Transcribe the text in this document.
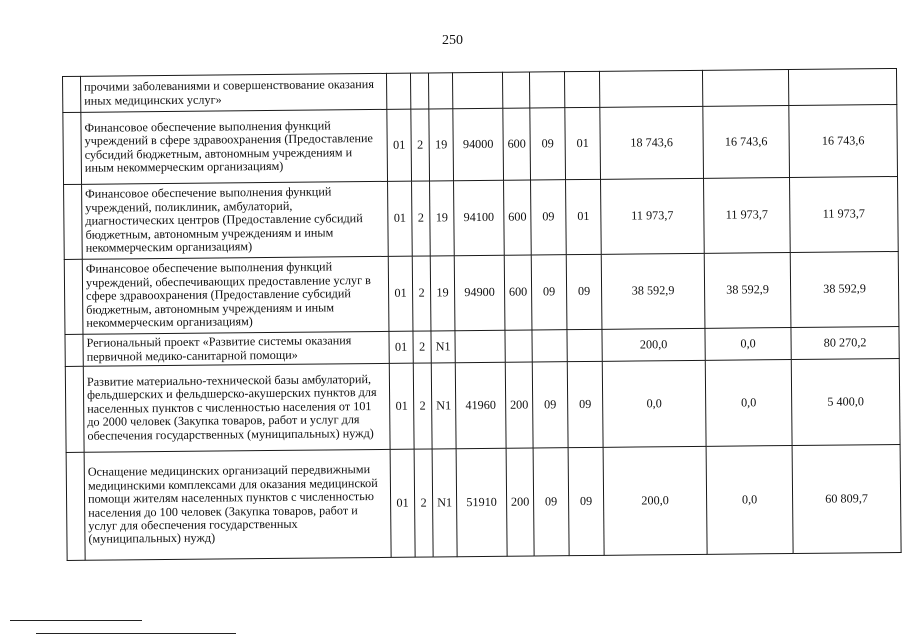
250
	прочими заболеваниями и совершенствование оказания иных медицинских услуг»										
	Финансовое обеспечение выполнения функций учреждений в сфере здравоохранения (Предоставление субсидий бюджетным, автономным учреждениям и иным некоммерческим организациям)	01	2	19	94000	600	09	01	18 743,6	16 743,6	16 743,6
	Финансовое обеспечение выполнения функций учреждений, поликлиник, амбулаторий, диагностических центров (Предоставление субсидий бюджетным, автономным учреждениям и иным некоммерческим организациям)	01	2	19	94100	600	09	01	11 973,7	11 973,7	11 973,7
	Финансовое обеспечение выполнения функций учреждений, обеспечивающих предоставление услуг в сфере здравоохранения (Предоставление субсидий бюджетным, автономным учреждениям и иным некоммерческим организациям)	01	2	19	94900	600	09	09	38 592,9	38 592,9	38 592,9
	Региональный проект «Развитие системы оказания первичной медико-санитарной помощи»	01	2	N1					200,0	0,0	80 270,2
	Развитие материально-технической базы амбулаторий, фельдшерских и фельдшерско-акушерских пунктов для населенных пунктов с численностью населения от 101 до 2000 человек (Закупка товаров, работ и услуг для обеспечения государственных (муниципальных) нужд)	01	2	N1	41960	200	09	09	0,0	0,0	5 400,0
	Оснащение медицинских организаций передвижными медицинскими комплексами для оказания медицинской помощи жителям населенных пунктов с численностью населения до 100 человек (Закупка товаров, работ и услуг для обеспечения государственных (муниципальных) нужд)	01	2	N1	51910	200	09	09	200,0	0,0	60 809,7
